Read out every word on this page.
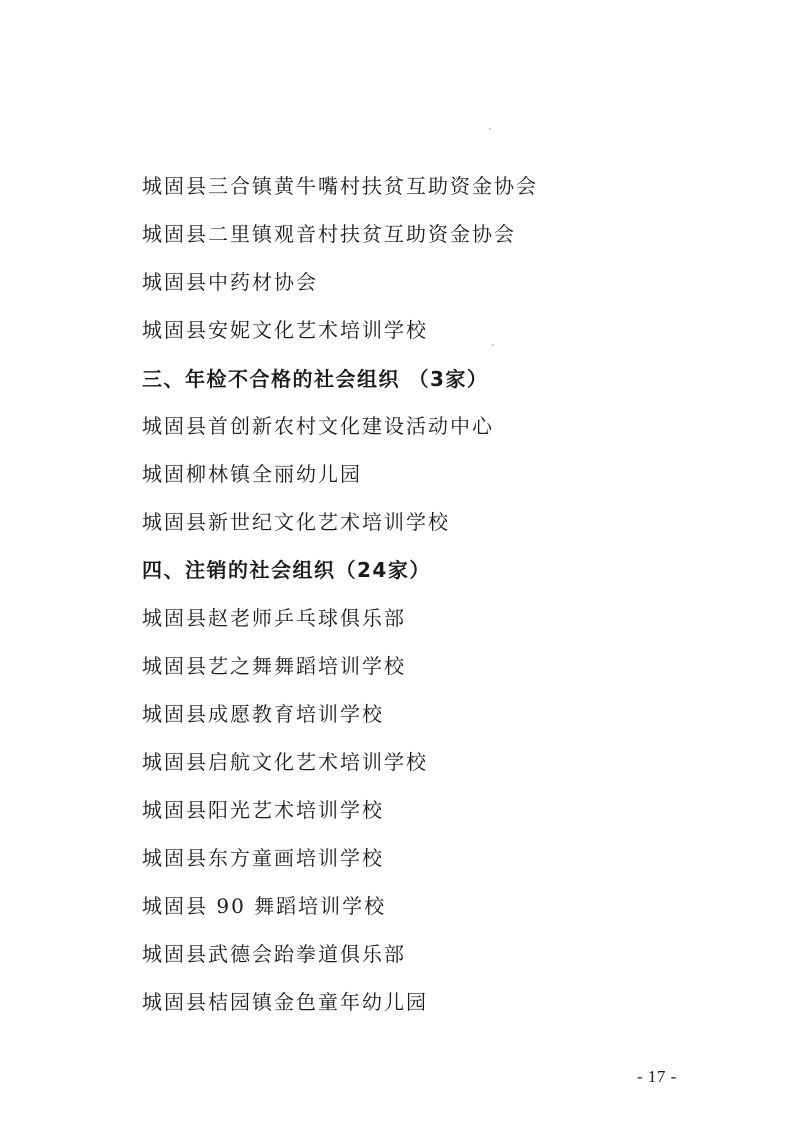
城固县三合镇黄牛嘴村扶贫互助资金协会
城固县二里镇观音村扶贫互助资金协会
城固县中药材协会
城固县安妮文化艺术培训学校
三、年检不合格的社会组织 （3家）
城固县首创新农村文化建设活动中心
城固柳林镇全丽幼儿园
城固县新世纪文化艺术培训学校
四、注销的社会组织（24家）
城固县赵老师乒乓球俱乐部
城固县艺之舞舞蹈培训学校
城固县成愿教育培训学校
城固县启航文化艺术培训学校
城固县阳光艺术培训学校
城固县东方童画培训学校
城固县 90 舞蹈培训学校
城固县武德会跆拳道俱乐部
城固县桔园镇金色童年幼儿园
- 17 -
